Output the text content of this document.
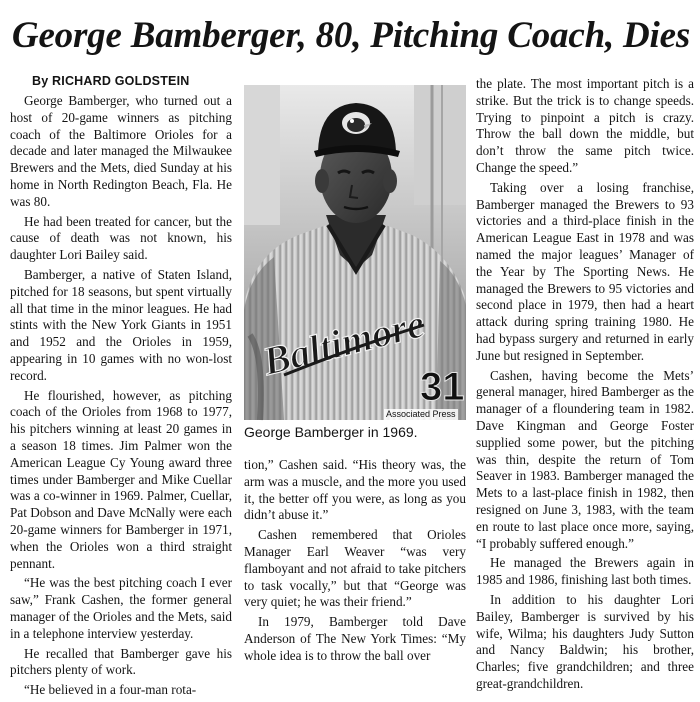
George Bamberger, 80, Pitching Coach, Dies
By RICHARD GOLDSTEIN

George Bamberger, who turned out a host of 20-game winners as pitching coach of the Baltimore Orioles for a decade and later managed the Milwaukee Brewers and the Mets, died Sunday at his home in North Redington Beach, Fla. He was 80.

He had been treated for cancer, but the cause of death was not known, his daughter Lori Bailey said.

Bamberger, a native of Staten Island, pitched for 18 seasons, but spent virtually all that time in the minor leagues. He had stints with the New York Giants in 1951 and 1952 and the Orioles in 1959, appearing in 10 games with no won-lost record.

He flourished, however, as pitching coach of the Orioles from 1968 to 1977, his pitchers winning at least 20 games in a season 18 times. Jim Palmer won the American League Cy Young award three times under Bamberger and Mike Cuellar was a co-winner in 1969. Palmer, Cuellar, Pat Dobson and Dave McNally were each 20-game winners for Bamberger in 1971, when the Orioles won a third straight pennant.

“He was the best pitching coach I ever saw,” Frank Cashen, the former general manager of the Orioles and the Mets, said in a telephone interview yesterday.

He recalled that Bamberger gave his pitchers plenty of work.

“He believed in a four-man rota-

Baltimore
31
Associated Press
George Bamberger in 1969.

tion,” Cashen said. “His theory was, the arm was a muscle, and the more you used it, the better off you were, as long as you didn’t abuse it.”

Cashen remembered that Orioles Manager Earl Weaver “was very flamboyant and not afraid to take pitchers to task vocally,” but that “George was very quiet; he was their friend.”

In 1979, Bamberger told Dave Anderson of The New York Times: “My whole idea is to throw the ball over

the plate. The most important pitch is a strike. But the trick is to change speeds. Trying to pinpoint a pitch is crazy. Throw the ball down the middle, but don’t throw the same pitch twice. Change the speed.”

Taking over a losing franchise, Bamberger managed the Brewers to 93 victories and a third-place finish in the American League East in 1978 and was named the major leagues’ Manager of the Year by The Sporting News. He managed the Brewers to 95 victories and second place in 1979, then had a heart attack during spring training 1980. He had bypass surgery and returned in early June but resigned in September.

Cashen, having become the Mets’ general manager, hired Bamberger as the manager of a floundering team in 1982. Dave Kingman and George Foster supplied some power, but the pitching was thin, despite the return of Tom Seaver in 1983. Bamberger managed the Mets to a last-place finish in 1982, then resigned on June 3, 1983, with the team en route to last place once more, saying, “I probably suffered enough.”

He managed the Brewers again in 1985 and 1986, finishing last both times.

In addition to his daughter Lori Bailey, Bamberger is survived by his wife, Wilma; his daughters Judy Sutton and Nancy Baldwin; his brother, Charles; five grandchildren; and three great-grandchildren.
